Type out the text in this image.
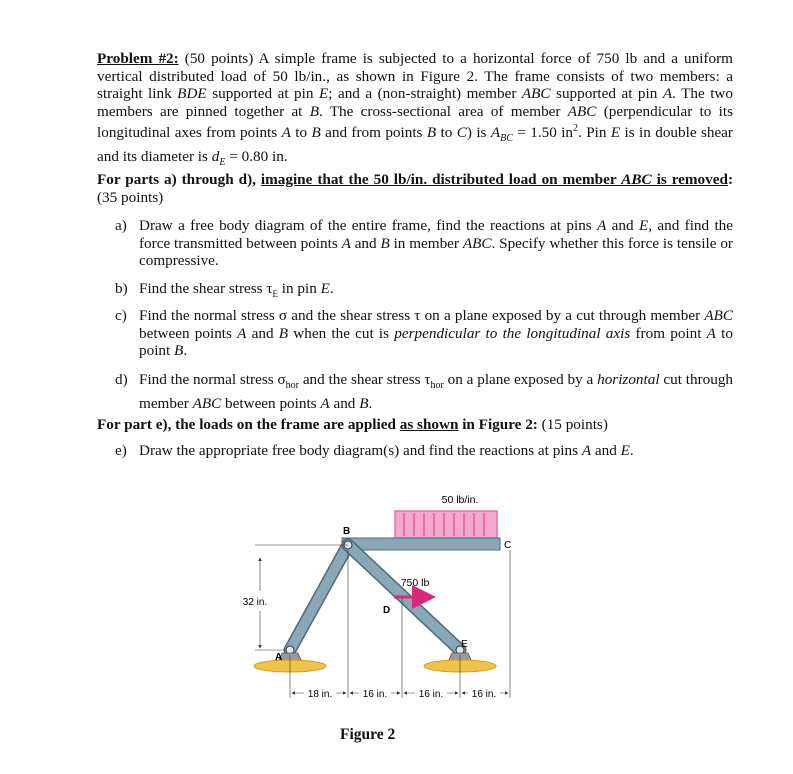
Problem #2: (50 points) A simple frame is subjected to a horizontal force of 750 lb and a uniform vertical distributed load of 50 lb/in., as shown in Figure 2. The frame consists of two members: a straight link BDE supported at pin E; and a (non-straight) member ABC supported at pin A. The two members are pinned together at B. The cross-sectional area of member ABC (perpendicular to its longitudinal axes from points A to B and from points B to C) is $A_{BC} = 1.50$ $in^2$. Pin E is in double shear and its diameter is $d_E = 0.80$ in.
For parts a) through d), imagine that the 50 lb/in. distributed load on member ABC is removed: (35 points)
a) Draw a free body diagram of the entire frame, find the reactions at pins A and E, and find the force transmitted between points A and B in member ABC. Specify whether this force is tensile or compressive.
b) Find the shear stress $\tau_E$ in pin E.
c) Find the normal stress σ and the shear stress τ on a plane exposed by a cut through member ABC between points A and B when the cut is perpendicular to the longitudinal axis from point A to point B.
d) Find the normal stress $\sigma_{hor}$ and the shear stress $\tau_{hor}$ on a plane exposed by a horizontal cut through member ABC between points A and B.
For part e), the loads on the frame are applied as shown in Figure 2: (15 points)
e) Draw the appropriate free body diagram(s) and find the reactions at pins A and E.
50 lb/in.
750 lb
B
C
D
A
E
32 in.
18 in.	16 in.	16 in.	16 in.
Figure 2
